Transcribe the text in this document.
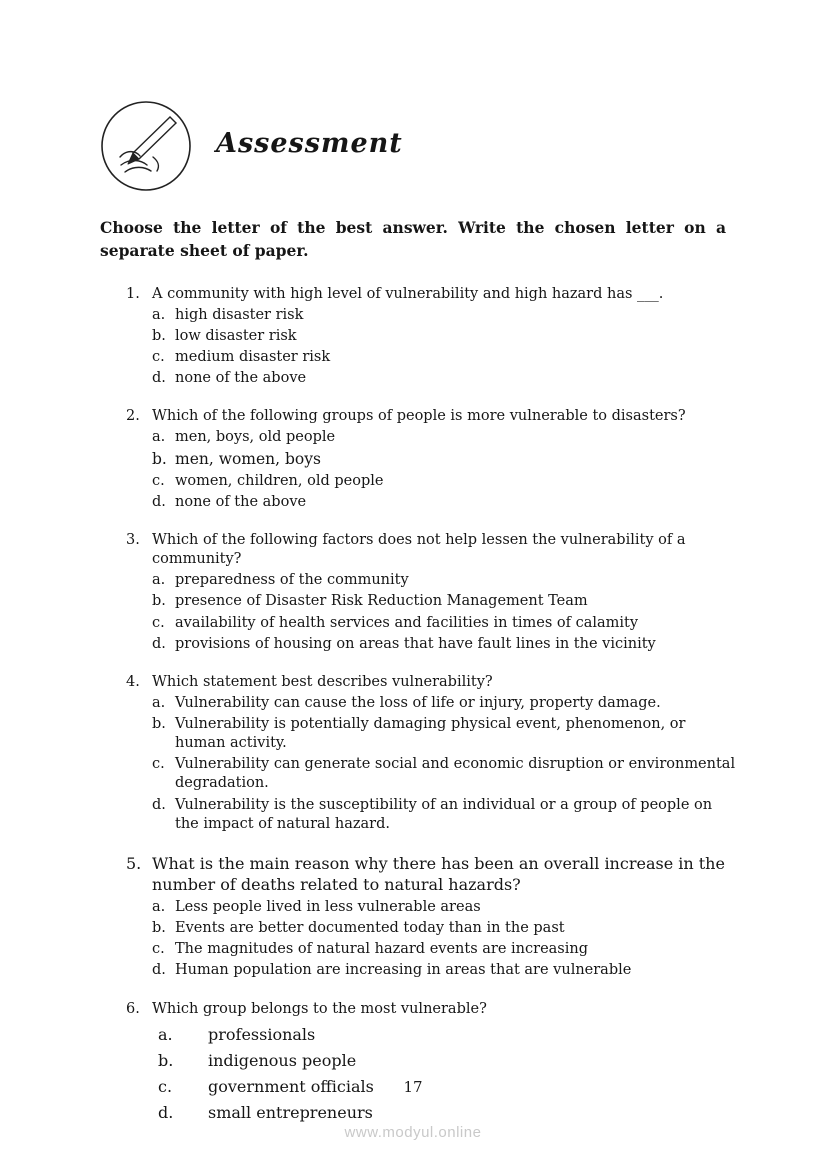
Assessment

Choose the letter of the best answer. Write the chosen letter on a separate sheet of paper.

1. A community with high level of vulnerability and high hazard has ___.
a. high disaster risk
b. low disaster risk
c. medium disaster risk
d. none of the above
2. Which of the following groups of people is more vulnerable to disasters?
a. men, boys, old people
b. men, women, boys
c. women, children, old people
d. none of the above
3. Which of the following factors does not help lessen the vulnerability of a community?
a. preparedness of the community
b. presence of Disaster Risk Reduction Management Team
c. availability of health services and facilities in times of calamity
d. provisions of housing on areas that have fault lines in the vicinity
4. Which statement best describes vulnerability?
a. Vulnerability can cause the loss of life or injury, property damage.
b. Vulnerability is potentially damaging physical event, phenomenon, or human activity.
c. Vulnerability can generate social and economic disruption or environmental degradation.
d. Vulnerability is the susceptibility of an individual or a group of people on the impact of natural hazard.
5. What is the main reason why there has been an overall increase in the number of deaths related to natural hazards?
a. Less people lived in less vulnerable areas
b. Events are better documented today than in the past
c. The magnitudes of natural hazard events are increasing
d. Human population are increasing in areas that are vulnerable
6. Which group belongs to the most vulnerable?
a.	professionals
b.	indigenous people
c.	government officials
d.	small entrepreneurs
17
www.modyul.online
